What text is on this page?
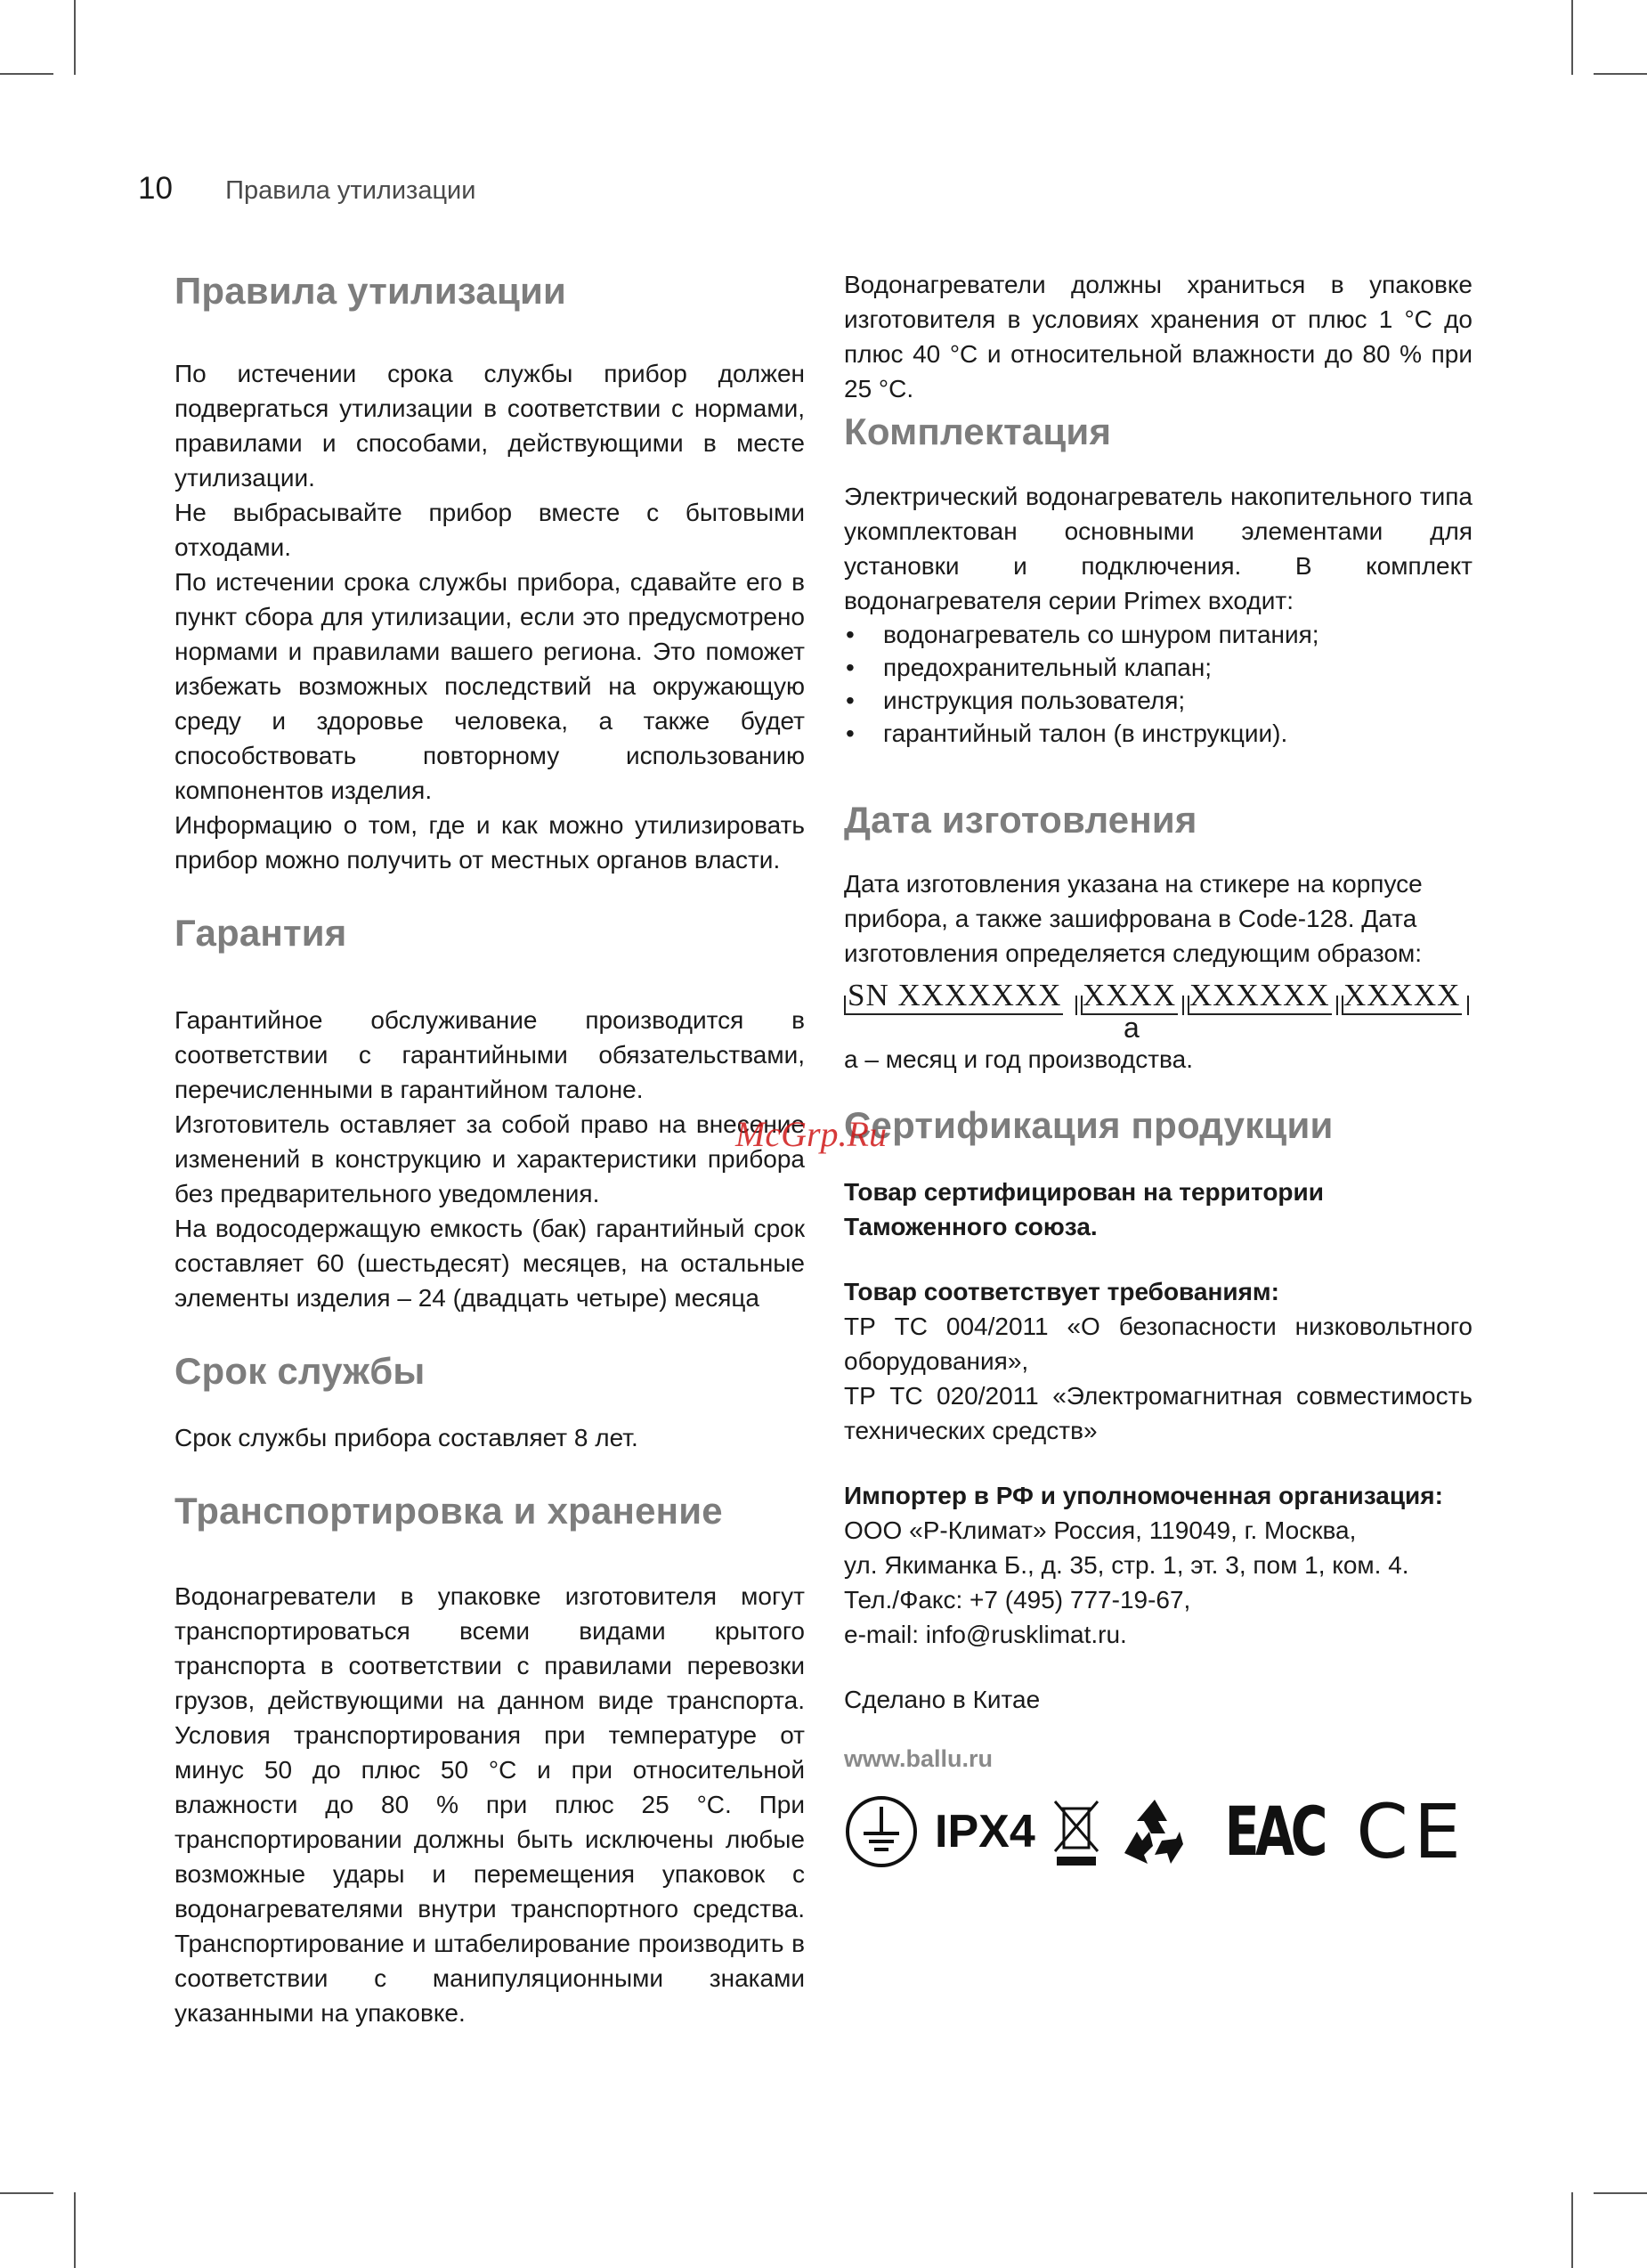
10 Правила утилизации
Правила утилизации

По истечении срока службы прибор должен подвергаться утилизации в соответствии с нормами, правилами и способами, действующими в месте утилизации.

Не выбрасывайте прибор вместе с бытовыми отходами.

По истечении срока службы прибора, сдавайте его в пункт сбора для утилизации, если это предусмотрено нормами и правилами вашего региона. Это поможет избежать возможных последствий на окружающую среду и здоровье человека, а также будет способствовать повторному использованию компонентов изделия.

Информацию о том, где и как можно утилизировать прибор можно получить от местных органов власти.

Гарантия

Гарантийное обслуживание производится в соответствии с гарантийными обязательствами, перечисленными в гарантийном талоне.

Изготовитель оставляет за собой право на внесение изменений в конструкцию и характеристики прибора без предварительного уведомления.

На водосодержащую емкость (бак) гарантийный срок составляет 60 (шестьдесят) месяцев, на остальные элементы изделия – 24 (двадцать четыре) месяца

Срок службы

Срок службы прибора составляет 8 лет.

Транспортировка и хранение

Водонагреватели в упаковке изготовителя могут транспортироваться всеми видами крытого транспорта в соответствии с правилами перевозки грузов, действующими на данном виде транспорта. Условия транспортирования при температуре от минус 50 до плюс 50 °С и при относительной влажности до 80 % при плюс 25 °С. При транспортировании должны быть исключены любые возможные удары и перемещения упаковок с водонагревателями внутри транспортного средства. Транспортирование и штабелирование производить в соответствии с манипуляционными знаками указанными на упаковке.

Водонагреватели должны храниться в упаковке изготовителя в условиях хранения от плюс 1 °С до плюс 40 °С и относительной влажности до 80 % при 25 °С.

Комплектация

Электрический водонагреватель накопительного типа укомплектован основными элементами для установки и подключения. В комплект водонагревателя серии Primex входит:

• водонагреватель со шнуром питания;
• предохранительный клапан;
• инструкция пользователя;
• гарантийный талон (в инструкции).
Дата изготовления

Дата изготовления указана на стикере на корпусе прибора, а также зашифрована в Code-128. Дата изготовления определяется следующим образом:

SN XXXXXXX XXXX XXXXXX XXXXX
a

а – месяц и год производства.

Сертификация продукции

Товар сертифицирован на территории

Таможенного союза.

Товар соответствует требованиям:

ТР ТС 004/2011 «О безопасности низковольтного оборудования»,

ТР ТС 020/2011 «Электромагнитная совместимость технических средств»

Импортер в РФ и уполномоченная организация:

ООО «Р-Климат» Россия, 119049, г. Москва,

ул. Якиманка Б., д. 35, стр. 1, эт. 3, пом 1, ком. 4.

Тел./Факс: +7 (495) 777-19-67,

e-mail: info@rusklimat.ru.

Сделано в Китае

www.ballu.ru
IPX4	EAC CE
McGrp.Ru
